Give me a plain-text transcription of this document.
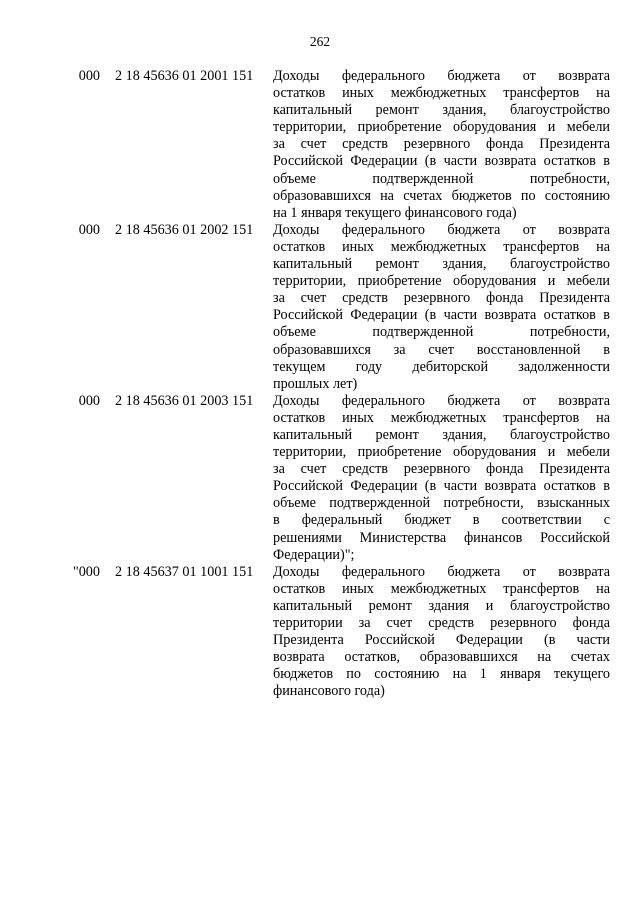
262
000 2 18 45636 01 2001 151 Доходы федерального бюджета от возврата
остатков иных межбюджетных трансфертов на
капитальный ремонт здания, благоустройство
территории, приобретение оборудования и мебели
за счет средств резервного фонда Президента
Российской Федерации (в части возврата остатков в
объеме подтвержденной потребности,
образовавшихся на счетах бюджетов по состоянию
на 1 января текущего финансового года)
000 2 18 45636 01 2002 151 Доходы федерального бюджета от возврата
остатков иных межбюджетных трансфертов на
капитальный ремонт здания, благоустройство
территории, приобретение оборудования и мебели
за счет средств резервного фонда Президента
Российской Федерации (в части возврата остатков в
объеме подтвержденной потребности,
образовавшихся за счет восстановленной в
текущем году дебиторской задолженности
прошлых лет)
000 2 18 45636 01 2003 151 Доходы федерального бюджета от возврата
остатков иных межбюджетных трансфертов на
капитальный ремонт здания, благоустройство
территории, приобретение оборудования и мебели
за счет средств резервного фонда Президента
Российской Федерации (в части возврата остатков в
объеме подтвержденной потребности, взысканных
в федеральный бюджет в соответствии с
решениями Министерства финансов Российской
Федерации)";
"000 2 18 45637 01 1001 151 Доходы федерального бюджета от возврата
остатков иных межбюджетных трансфертов на
капитальный ремонт здания и благоустройство
территории за счет средств резервного фонда
Президента Российской Федерации (в части
возврата остатков, образовавшихся на счетах
бюджетов по состоянию на 1 января текущего
финансового года)
